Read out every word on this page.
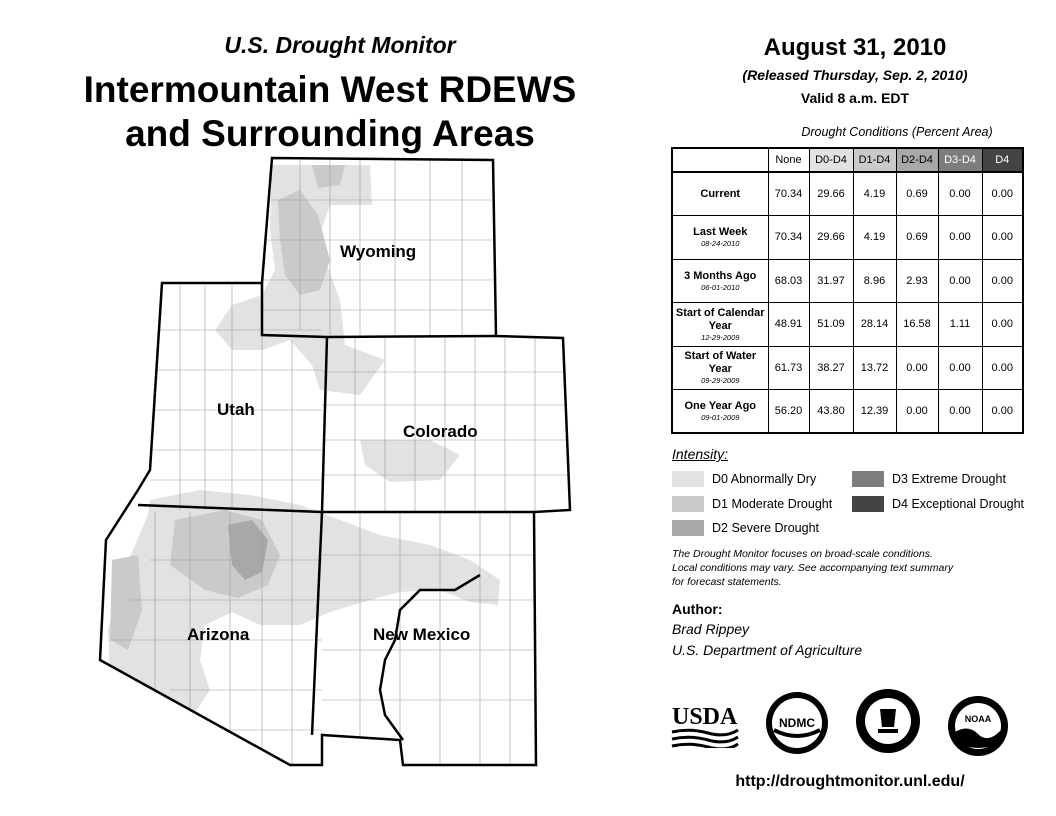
U.S. Drought Monitor
Intermountain West RDEWS
and Surrounding Areas
Wyoming
Utah
Colorado
Arizona	New Mexico
August 31, 2010
(Released Thursday, Sep. 2, 2010)
Valid 8 a.m. EDT
Drought Conditions (Percent Area)
	None	D0-D4	D1-D4	D2-D4	D3-D4	D4

Current	70.34	29.66	4.19	0.69	0.00	0.00

Last Week
08-24-2010	70.34	29.66	4.19	0.69	0.00	0.00

3 Months Ago
06-01-2010	68.03	31.97	8.96	2.93	0.00	0.00

Start of Calendar Year
12-29-2009	48.91	51.09	28.14	16.58	1.11	0.00

Start of Water Year
09-29-2009	61.73	38.27	13.72	0.00	0.00	0.00

One Year Ago
09-01-2009	56.20	43.80	12.39	0.00	0.00	0.00
Intensity:
D0 Abnormally Dry
D1 Moderate Drought
D2 Severe Drought
D3 Extreme Drought
D4 Exceptional Drought
The Drought Monitor focuses on broad-scale conditions.
Local conditions may vary. See accompanying text summary
for forecast statements.
Author:
Brad Rippey
U.S. Department of Agriculture
USDA	NDMC	NOAA
http://droughtmonitor.unl.edu/
